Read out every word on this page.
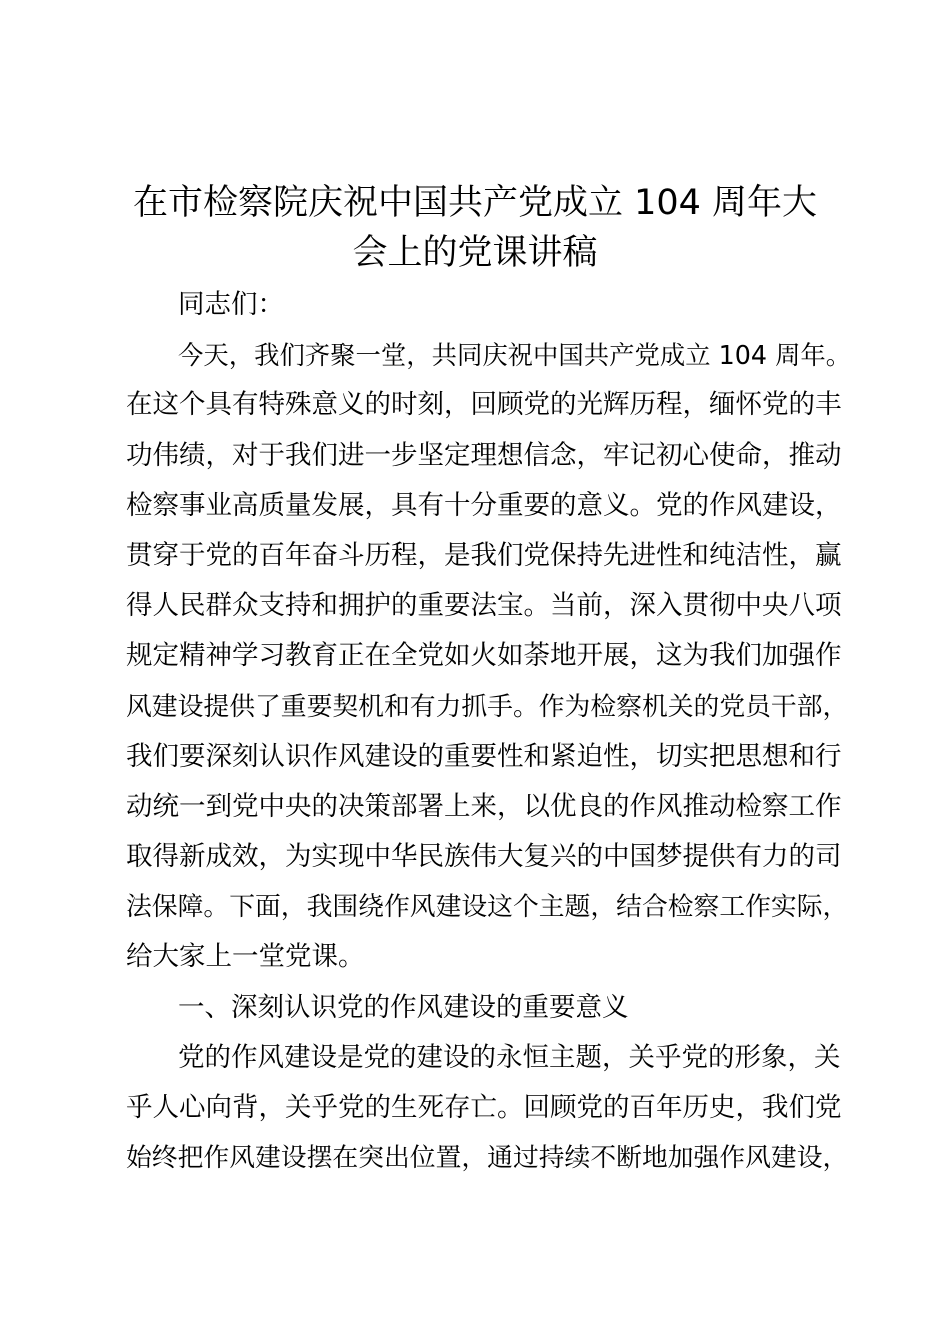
在市检察院庆祝中国共产党成立 104 周年大
会上的党课讲稿
同志们：
今天，我们齐聚一堂，共同庆祝中国共产党成立 104 周年。
在这个具有特殊意义的时刻，回顾党的光辉历程，缅怀党的丰
功伟绩，对于我们进一步坚定理想信念，牢记初心使命，推动
检察事业高质量发展，具有十分重要的意义。党的作风建设，
贯穿于党的百年奋斗历程，是我们党保持先进性和纯洁性，赢
得人民群众支持和拥护的重要法宝。当前，深入贯彻中央八项
规定精神学习教育正在全党如火如荼地开展，这为我们加强作
风建设提供了重要契机和有力抓手。作为检察机关的党员干部，
我们要深刻认识作风建设的重要性和紧迫性，切实把思想和行
动统一到党中央的决策部署上来，以优良的作风推动检察工作
取得新成效，为实现中华民族伟大复兴的中国梦提供有力的司
法保障。下面，我围绕作风建设这个主题，结合检察工作实际，
给大家上一堂党课。
一、深刻认识党的作风建设的重要意义
党的作风建设是党的建设的永恒主题，关乎党的形象，关
乎人心向背，关乎党的生死存亡。回顾党的百年历史，我们党
始终把作风建设摆在突出位置，通过持续不断地加强作风建设，
